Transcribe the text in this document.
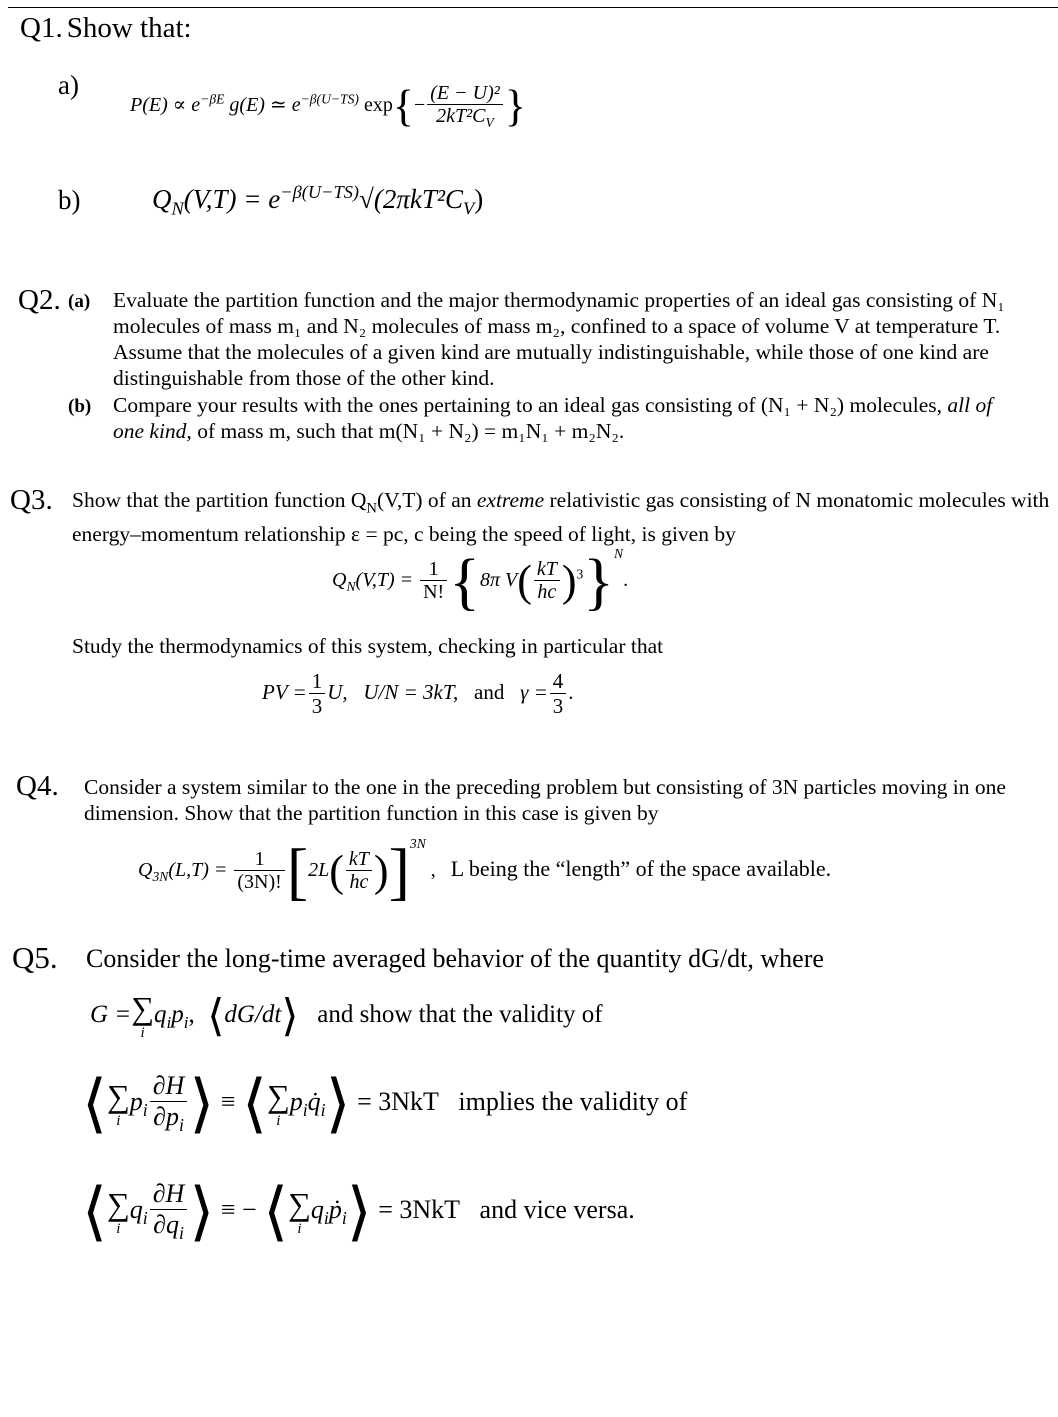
Q1. Show that:
a)
$P(E) \propto e^{-\beta E}$ g(E) ≃ $e^{-\beta(U-TS)}$ $\exp\{- \frac{\text{(E − U)²}}{2kT^2C_V}$ }
b)	$Q_N(V,T) = e^{-\beta(U-TS)}√(2\pi kT^2C_V)$
Q2. (a) Evaluate the partition function and the major thermodynamic properties of an ideal gas consisting of N₁ molecules of mass m₁ and N₂ molecules of mass m₂, confined to a space of volume V at temperature T. Assume that the molecules of a given kind are mutually indistinguishable, while those of one kind are distinguishable from those of the other kind.
(b) Compare your results with the ones pertaining to an ideal gas consisting of (N₁ + N₂) molecules, all of one kind, of mass m, such that m(N₁ + N₂) = m₁N₁ + m₂N₂.
Q3. Show that the partition function $Q_N(V,T)$ of an extreme relativistic gas consisting of N monatomic molecules with energy–momentum relationship ε = pc, c being the speed of light, is given by
$Q_N(V,T) = \frac{1}{N!} \{8\pi$ $V( \frac{kT}{hc} )^3\}^N$.
Study the thermodynamics of this system, checking in particular that
PV = $\frac{1}{3} U$, U/N = 3kT, and $\gamma = \frac{4}{3}$ .
Q4. Consider a system similar to the one in the preceding problem but consisting of 3N particles moving in one dimension. Show that the partition function in this case is given by
$Q_{3N}(L,T) = \frac{1}{(3N)!} [2L( \frac{kT}{hc} )]^{3N}$ , L being the “length” of the space available.
Q5. Consider the long-time averaged behavior of the quantity dG/dt, where
G = ∑
i
$q_ip_i$, ⟨dG/dt⟩ and show that the validity of
⟨ ∑
i
$p_i \frac{\partial H}{\partial p_i}$ ⟩ ≡ ⟨ ∑
i
$p_iq̇_i⟩ = 3NkT$ implies the validity of
⟨ ∑
i
$q_i \frac{\partial H}{\partial q_i}$ ⟩ ≡ − ⟨ ∑
i
$q_iṗ_i⟩ = 3NkT$ and vice versa.
